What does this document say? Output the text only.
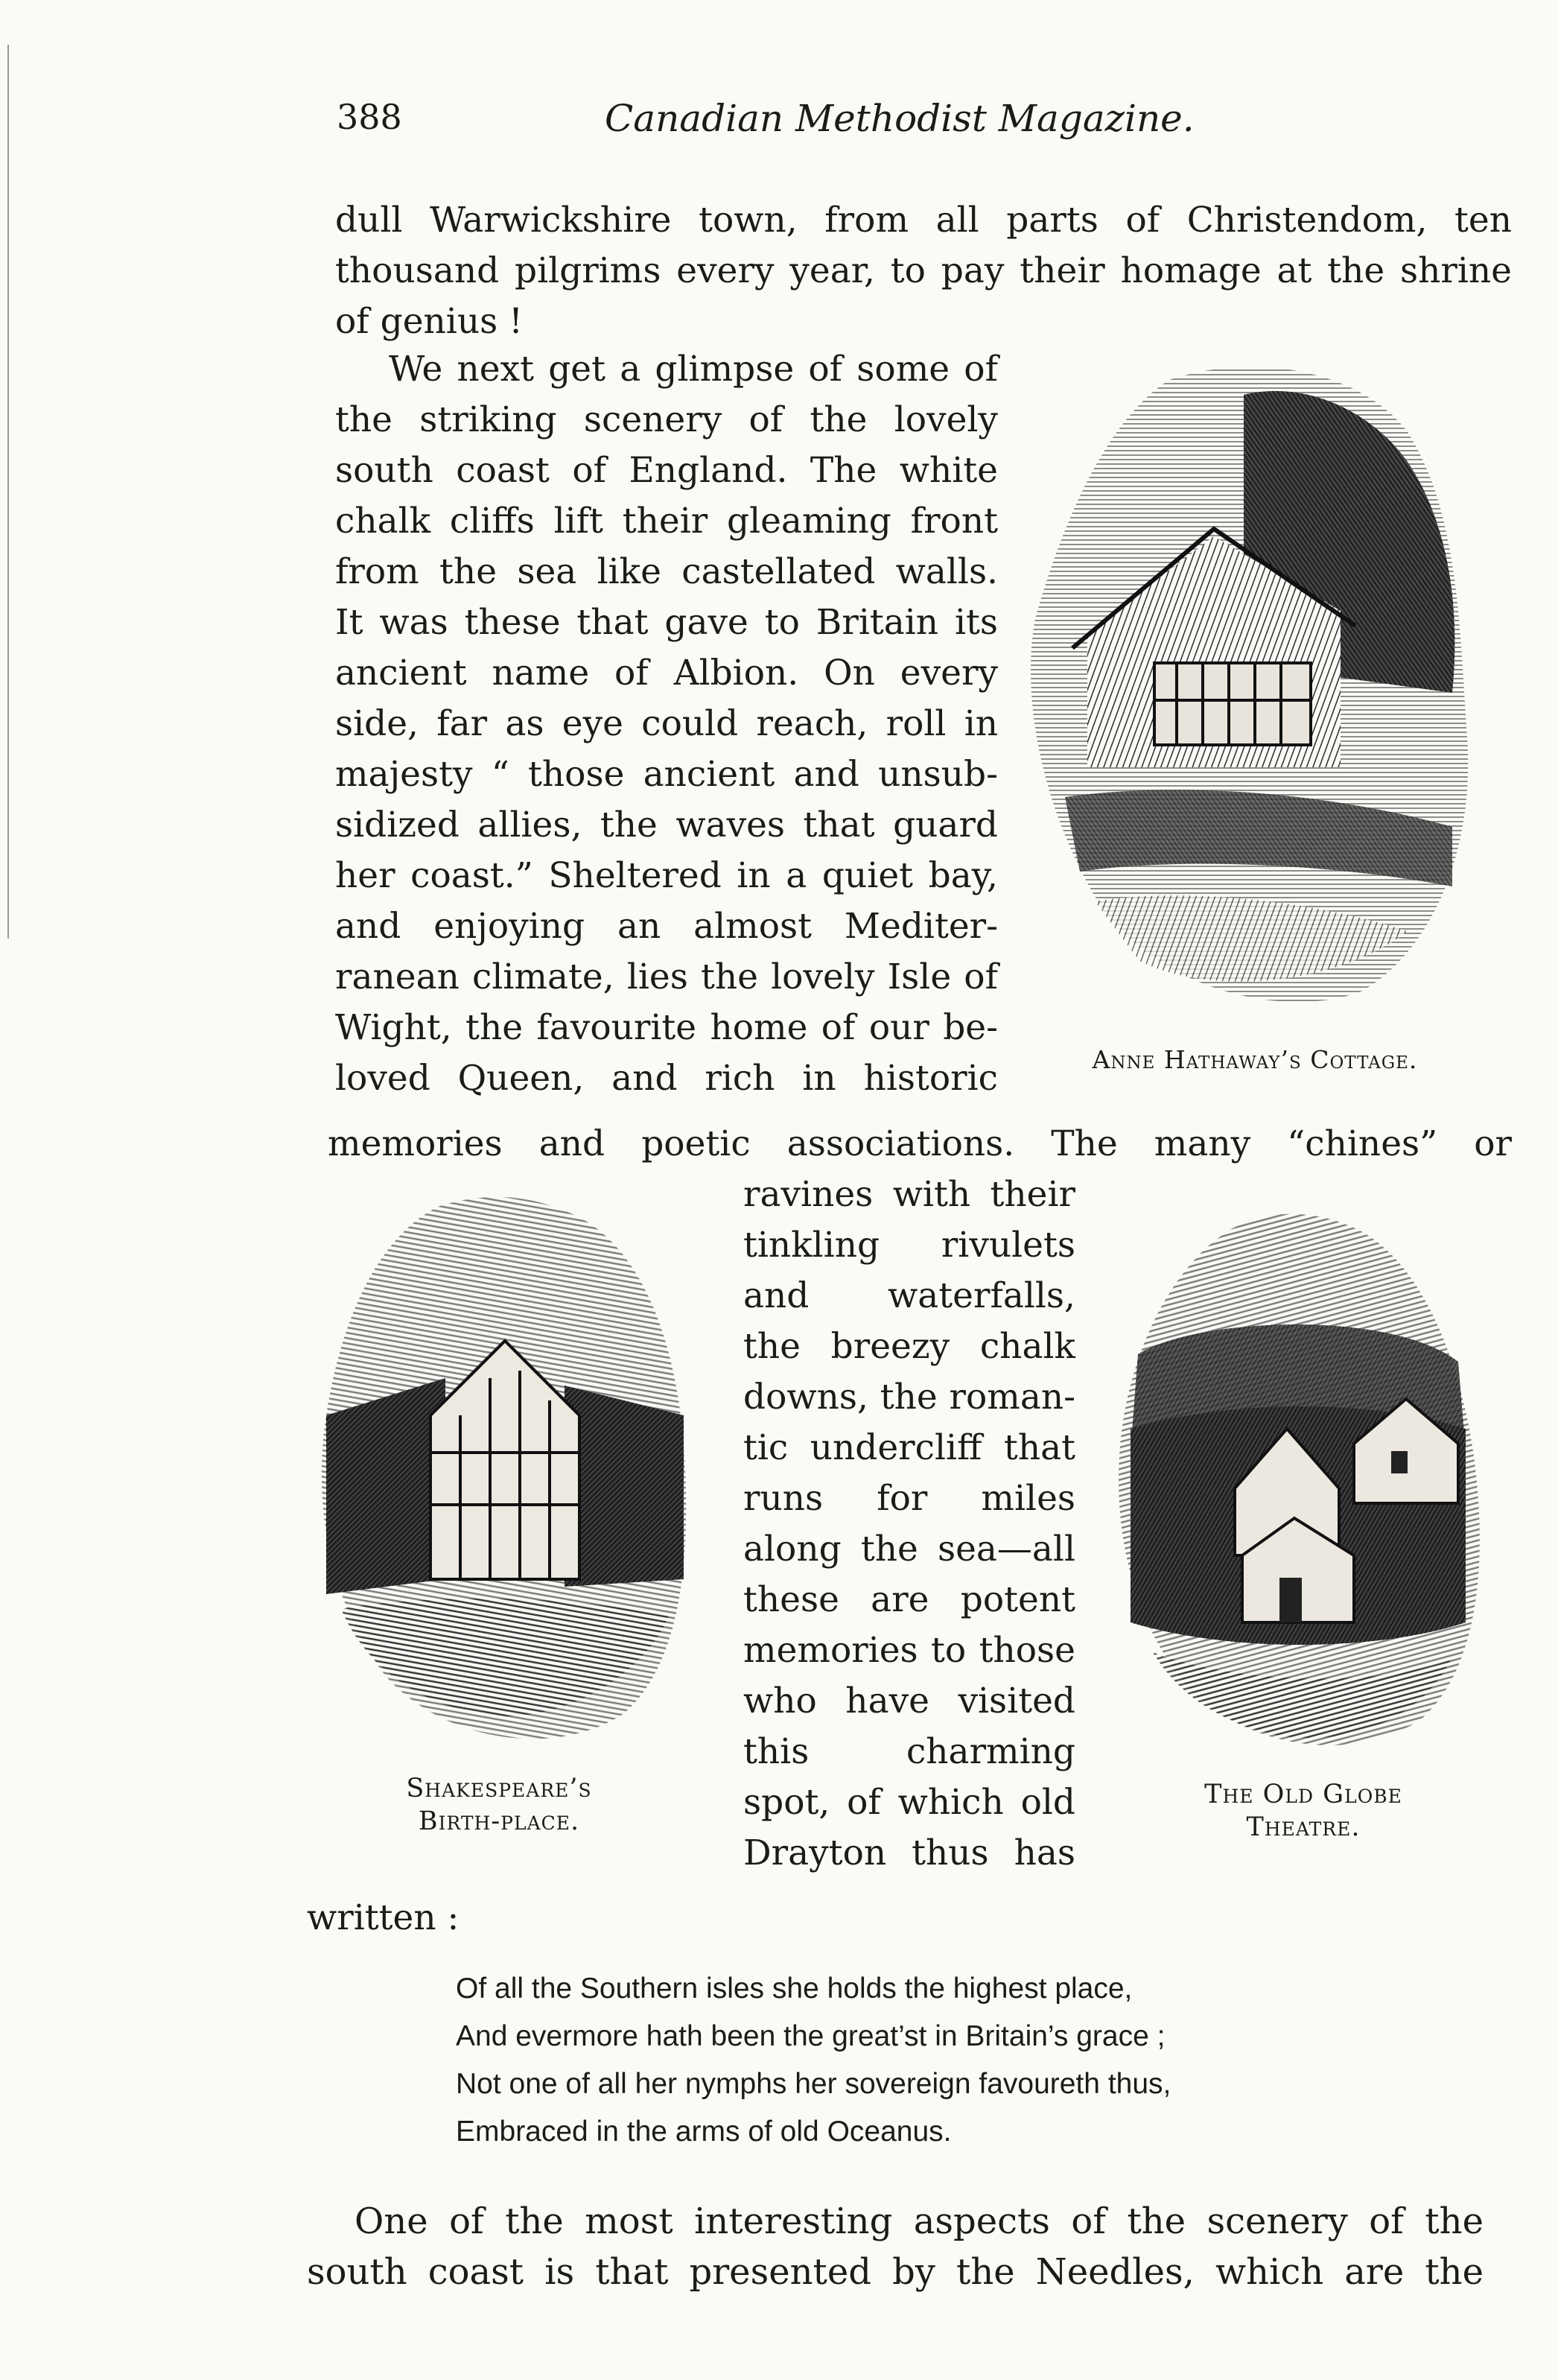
388	Canadian Methodist Magazine.
dull Warwickshire town, from all parts of Christendom, ten
thousand pilgrims every year, to pay their homage at the shrine
of genius !
We next get a glimpse of some of
the striking scenery of the lovely
south coast of England. The white
chalk cliffs lift their gleaming front
from the sea like castellated walls.
It was these that gave to Britain its
ancient name of Albion. On every
side, far as eye could reach, roll in
majesty “ those ancient and unsub-
sidized allies, the waves that guard
her coast.” Sheltered in a quiet bay,
and enjoying an almost Mediter-
ranean climate, lies the lovely Isle of
Wight, the favourite home of our be-
loved Queen, and rich in historic
memories and poetic associations. The many “chines” or
ravines with their
tinkling rivulets
and waterfalls,
the breezy chalk
downs, the roman-
tic undercliff that
runs for miles
along the sea—all
these are potent
memories to those
who have visited
this charming
spot, of which old
Drayton thus has
written :
Of all the Southern isles she holds the highest place,
And evermore hath been the great’st in Britain’s grace ;
Not one of all her nymphs her sovereign favoureth thus,
Embraced in the arms of old Oceanus.
One of the most interesting aspects of the scenery of the
south coast is that presented by the Needles, which are the
Anne Hathaway’s Cottage.
Shakespeare’s
Birth-place.
The Old Globe
Theatre.
